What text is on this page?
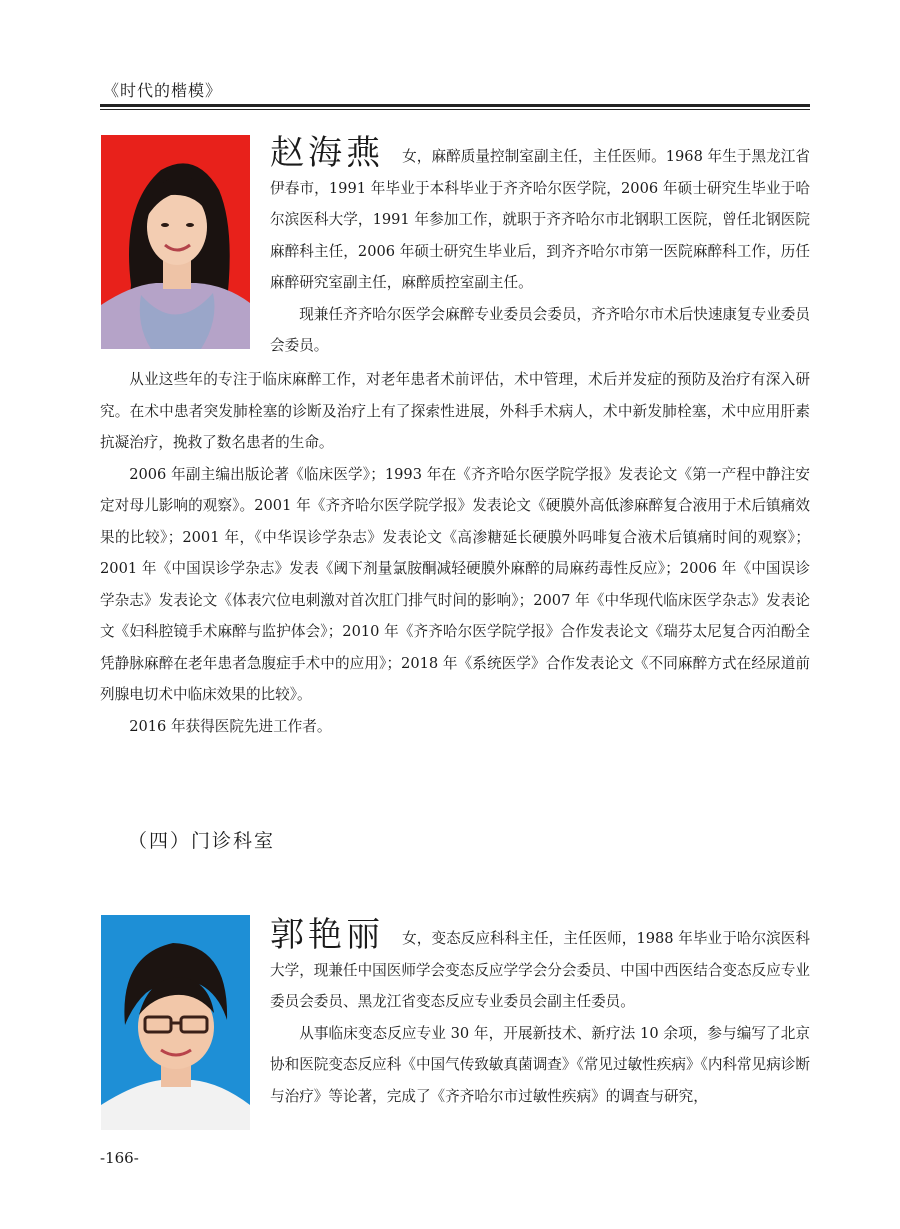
《时代的楷模》

赵海燕 女，麻醉质量控制室副主任，主任医师。1968 年生于黑龙江省伊春市，1991 年毕业于本科毕业于齐齐哈尔医学院，2006 年硕士研究生毕业于哈尔滨医科大学，1991 年参加工作，就职于齐齐哈尔市北钢职工医院，曾任北钢医院麻醉科主任，2006 年硕士研究生毕业后，到齐齐哈尔市第一医院麻醉科工作，历任麻醉研究室副主任，麻醉质控室副主任。

现兼任齐齐哈尔医学会麻醉专业委员会委员，齐齐哈尔市术后快速康复专业委员会委员。

从业这些年的专注于临床麻醉工作，对老年患者术前评估，术中管理，术后并发症的预防及治疗有深入研究。在术中患者突发肺栓塞的诊断及治疗上有了探索性进展，外科手术病人，术中新发肺栓塞，术中应用肝素抗凝治疗，挽救了数名患者的生命。

2006 年副主编出版论著《临床医学》；1993 年在《齐齐哈尔医学院学报》发表论文《第一产程中静注安定对母儿影响的观察》。2001 年《齐齐哈尔医学院学报》发表论文《硬膜外高低渗麻醉复合液用于术后镇痛效果的比较》；2001 年，《中华误诊学杂志》发表论文《高渗糖延长硬膜外吗啡复合液术后镇痛时间的观察》；2001 年《中国误诊学杂志》发表《阈下剂量氯胺酮减轻硬膜外麻醉的局麻药毒性反应》；2006 年《中国误诊学杂志》发表论文《体表穴位电刺激对首次肛门排气时间的影响》；2007 年《中华现代临床医学杂志》发表论文《妇科腔镜手术麻醉与监护体会》；2010 年《齐齐哈尔医学院学报》合作发表论文《瑞芬太尼复合丙泊酚全凭静脉麻醉在老年患者急腹症手术中的应用》；2018 年《系统医学》合作发表论文《不同麻醉方式在经尿道前列腺电切术中临床效果的比较》。

2016 年获得医院先进工作者。

（四）门诊科室

郭艳丽 女，变态反应科科主任，主任医师，1988 年毕业于哈尔滨医科大学，现兼任中国医师学会变态反应学学会分会委员、中国中西医结合变态反应专业委员会委员、黑龙江省变态反应专业委员会副主任委员。

从事临床变态反应专业 30 年，开展新技术、新疗法 10 余项，参与编写了北京协和医院变态反应科《中国气传致敏真菌调查》《常见过敏性疾病》《内科常见病诊断与治疗》等论著，完成了《齐齐哈尔市过敏性疾病》的调查与研究，

-166-
